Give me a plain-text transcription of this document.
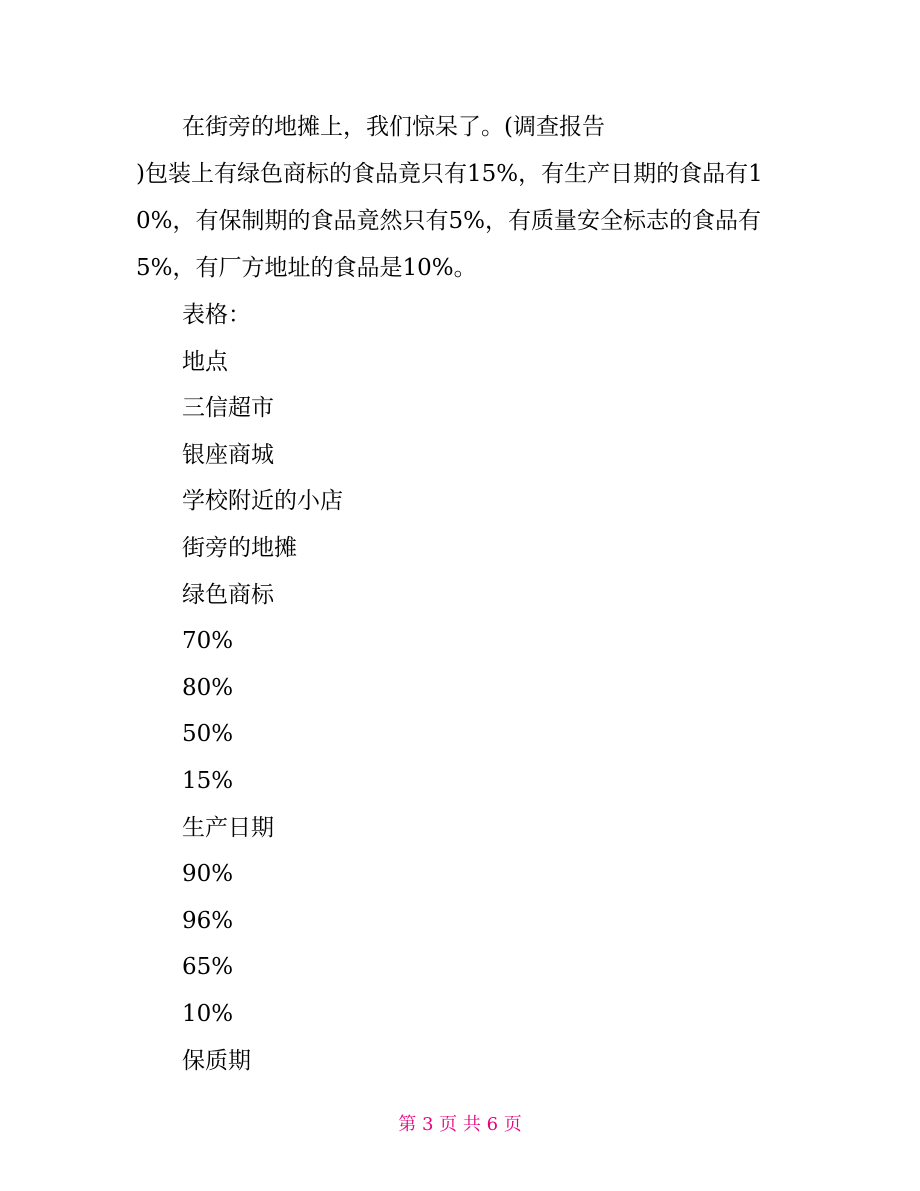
在街旁的地摊上，我们惊呆了。(调查报告
)包装上有绿色商标的食品竟只有15%，有生产日期的食品有10%，有保制期的食品竟然只有5%，有质量安全标志的食品有5%，有厂方地址的食品是10%。

表格：
地点
三信超市
银座商城
学校附近的小店
街旁的地摊
绿色商标
70%
80%
50%
15%
生产日期
90%
96%
65%
10%
保质期
第 3 页 共 6 页
